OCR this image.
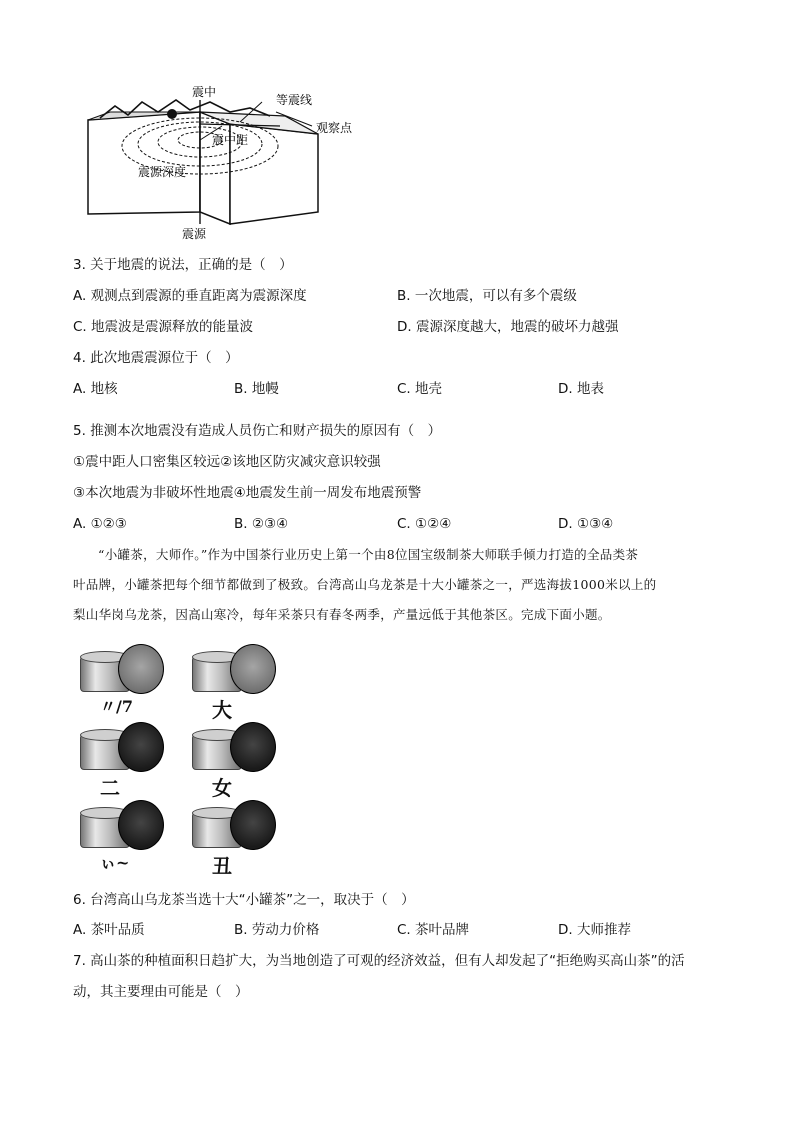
震中
等震线
观察点
震中距
震源深度
震源
3. 关于地震的说法，正确的是（　）
A. 观测点到震源的垂直距离为震源深度	B. 一次地震，可以有多个震级
C. 地震波是震源释放的能量波	D. 震源深度越大，地震的破坏力越强
4. 此次地震震源位于（　）
A. 地核	B. 地幔	C. 地壳	D. 地表
5. 推测本次地震没有造成人员伤亡和财产损失的原因有（　）
①震中距人口密集区较远②该地区防灾减灾意识较强
③本次地震为非破坏性地震④地震发生前一周发布地震预警
A. ①②③	B. ②③④	C. ①②④	D. ①③④

“小罐茶，大师作。”作为中国茶行业历史上第一个由8位国宝级制茶大师联手倾力打造的全品类茶

叶品牌，小罐茶把每个细节都做到了极致。台湾高山乌龙茶是十大小罐茶之一，严选海拔1000米以上的

梨山华岗乌龙茶，因高山寒冷，每年采茶只有春冬两季，产量远低于其他茶区。完成下面小题。

〃/7	大
二	女
ぃ~	丑
6. 台湾高山乌龙茶当选十大“小罐茶”之一，取决于（　）
A. 茶叶品质	B. 劳动力价格	C. 茶叶品牌	D. 大师推荐
7. 高山茶的种植面积日趋扩大，为当地创造了可观的经济效益，但有人却发起了“拒绝购买高山茶”的活
动，其主要理由可能是（　）
